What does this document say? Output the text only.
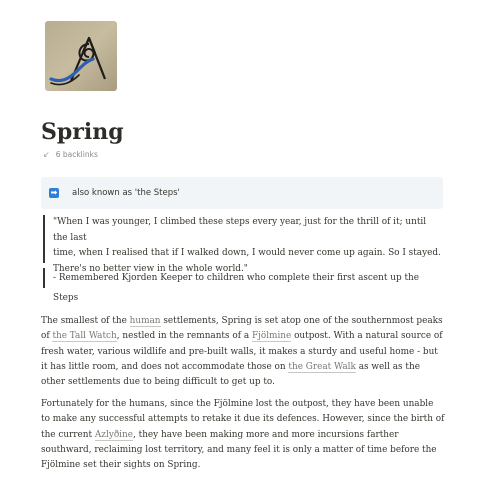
Spring
↙ 6 backlinks
➡ also known as 'the Steps'
"When I was younger, I climbed these steps every year, just for the thrill of it; until the last
time, when I realised that if I walked down, I would never come up again. So I stayed.
There's no better view in the whole world."
- Remembered Kjorden Keeper to children who complete their first ascent up the Steps

The smallest of the human settlements, Spring is set atop one of the southernmost peaks of the Tall Watch, nestled in the remnants of a Fjölmine outpost. With a natural source of fresh water, various wildlife and pre-built walls, it makes a sturdy and useful home - but it has little room, and does not accommodate those on the Great Walk as well as the other settlements due to being difficult to get up to.

Fortunately for the humans, since the Fjölmine lost the outpost, they have been unable to make any successful attempts to retake it due its defences. However, since the birth of the current Azlyðine, they have been making more and more incursions farther southward, reclaiming lost territory, and many feel it is only a matter of time before the Fjölmine set their sights on Spring.
